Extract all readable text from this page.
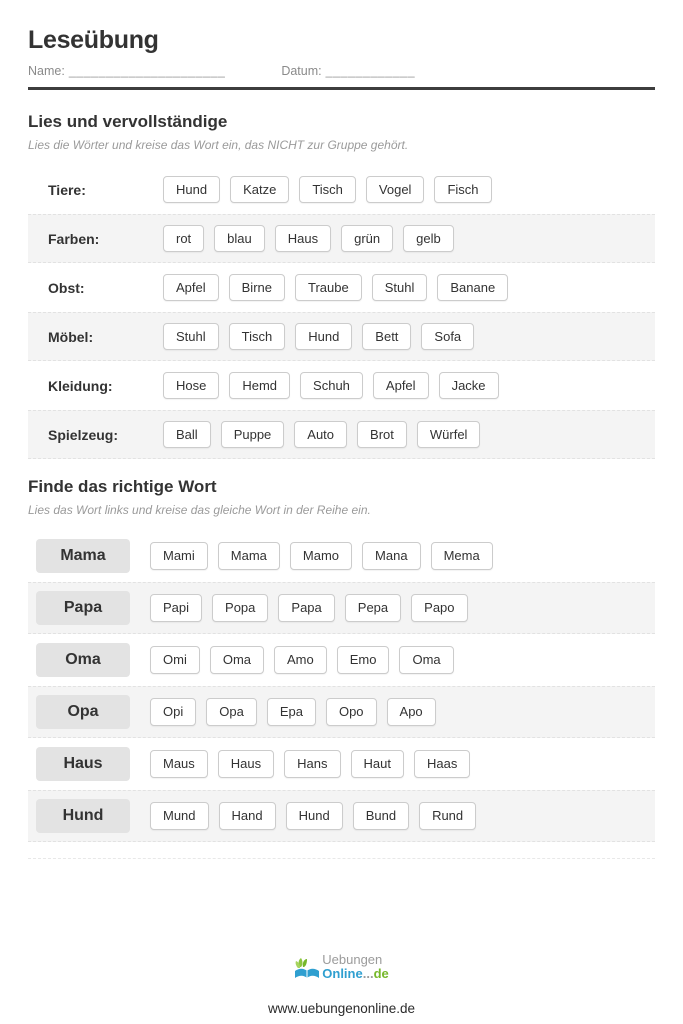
Leseübung
Name: _____________________	Datum: ____________
Lies und vervollständige

Lies die Wörter und kreise das Wort ein, das NICHT zur Gruppe gehört.

Tiere:	Hund	Katze	Tisch	Vogel	Fisch
Farben:	rot	blau	Haus	grün	gelb
Obst:	Apfel	Birne	Traube	Stuhl	Banane
Möbel:	Stuhl	Tisch	Hund	Bett	Sofa
Kleidung:	Hose	Hemd	Schuh	Apfel	Jacke
Spielzeug:	Ball	Puppe	Auto	Brot	Würfel
Finde das richtige Wort

Lies das Wort links und kreise das gleiche Wort in der Reihe ein.

Mama	Mami	Mama	Mamo	Mana	Mema
Papa	Papi	Popa	Papa	Pepa	Papo
Oma	Omi	Oma	Amo	Emo	Oma
Opa	Opi	Opa	Epa	Opo	Apo
Haus	Maus	Haus	Hans	Haut	Haas
Hund	Mund	Hand	Hund	Bund	Rund
Uebungen
Online...de
www.uebungenonline.de
